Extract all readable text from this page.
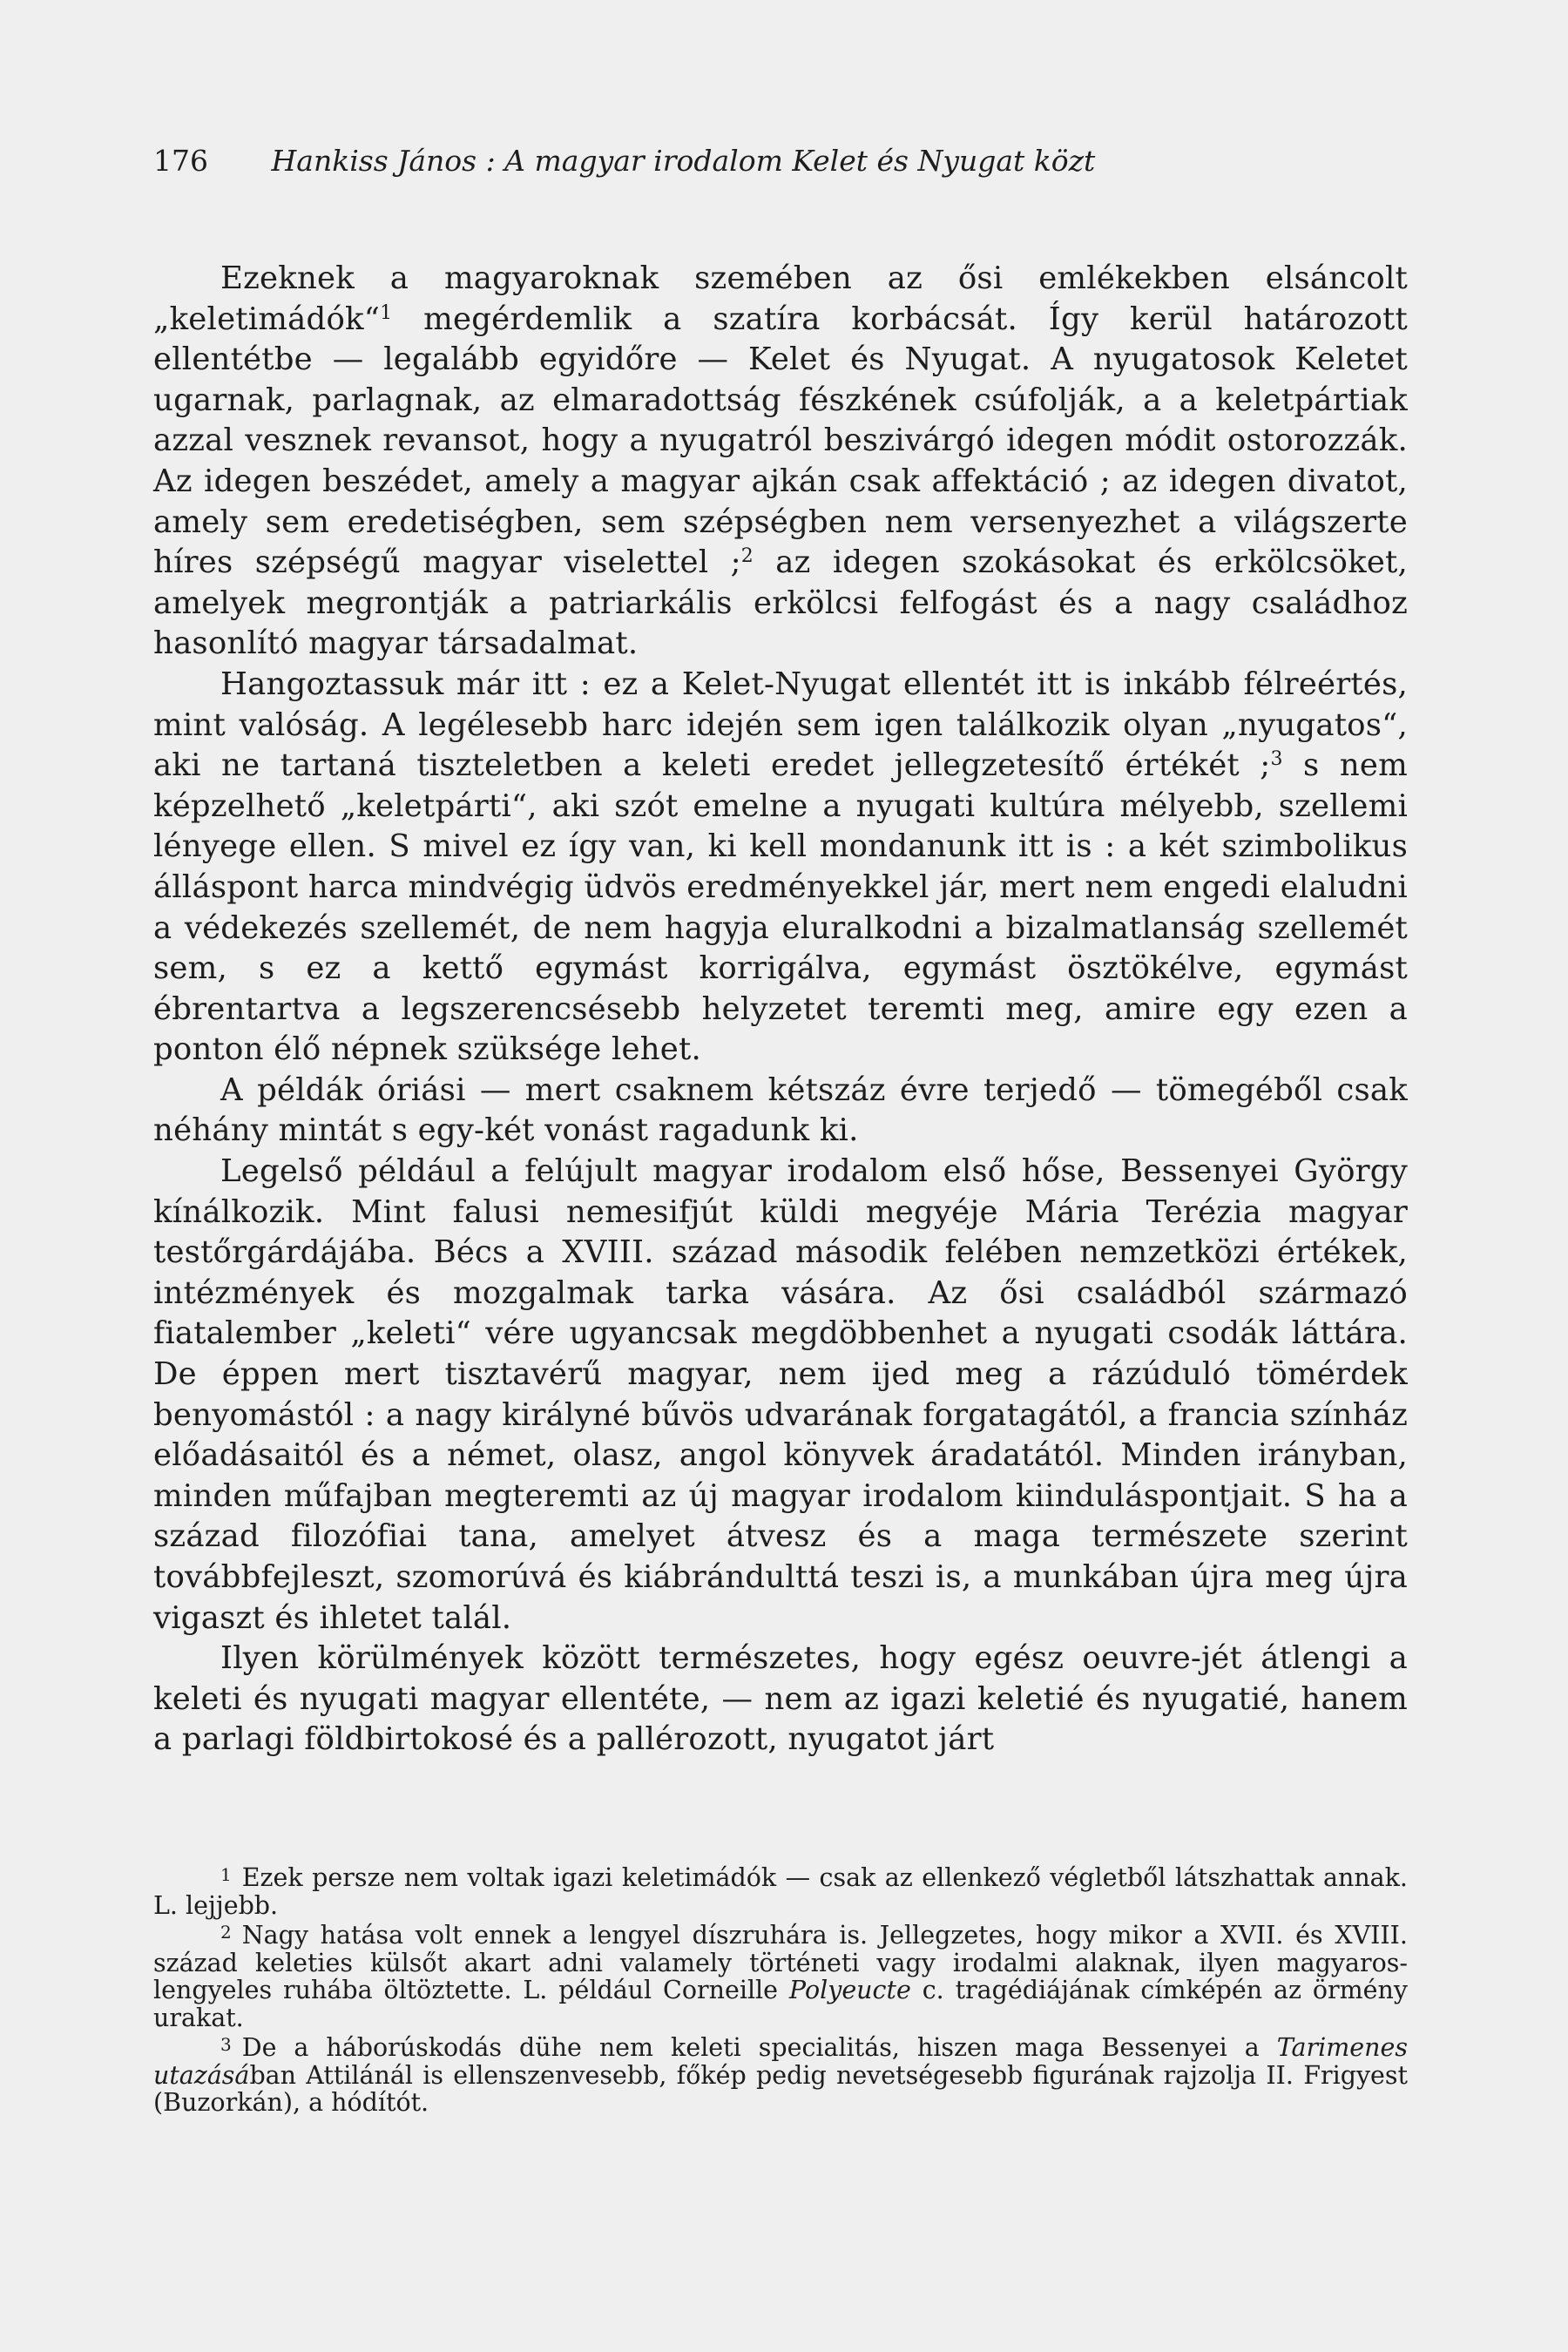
176 Hankiss János : A magyar irodalom Kelet és Nyugat közt

Ezeknek a magyaroknak szemében az ősi emlékekben elsáncolt „keletimádók“$^1$ megérdemlik a szatíra korbácsát. Így kerül határozott ellentétbe — legalább egyidőre — Kelet és Nyugat. A nyugatosok Keletet ugarnak, parlagnak, az elmaradottság fészkének csúfolják, a a keletpártiak azzal vesznek revansot, hogy a nyugatról beszivárgó idegen módit ostorozzák. Az idegen beszédet, amely a magyar ajkán csak affektáció ; az idegen divatot, amely sem eredetiségben, sem szépségben nem versenyezhet a világszerte híres szépségű magyar viselettel ;$^2$ az idegen szokásokat és erkölcsöket, amelyek megrontják a patriarkális erkölcsi felfogást és a nagy családhoz hasonlító magyar társadalmat.

Hangoztassuk már itt : ez a Kelet-Nyugat ellentét itt is inkább félreértés, mint valóság. A legélesebb harc idején sem igen találkozik olyan „nyugatos“, aki ne tartaná tiszteletben a keleti eredet jellegzetesítő értékét ;$^3$ s nem képzelhető „keletpárti“, aki szót emelne a nyugati kultúra mélyebb, szellemi lényege ellen. S mivel ez így van, ki kell mondanunk itt is : a két szimbolikus álláspont harca mindvégig üdvös eredményekkel jár, mert nem engedi elaludni a védekezés szellemét, de nem hagyja eluralkodni a bizalmatlanság szellemét sem, s ez a kettő egymást korrigálva, egymást ösztökélve, egymást ébrentartva a legszerencsésebb helyzetet teremti meg, amire egy ezen a ponton élő népnek szüksége lehet.

A példák óriási — mert csaknem kétszáz évre terjedő — tömegéből csak néhány mintát s egy-két vonást ragadunk ki.

Legelső például a felújult magyar irodalom első hőse, Bessenyei György kínálkozik. Mint falusi nemesifjút küldi megyéje Mária Terézia magyar testőrgárdájába. Bécs a XVIII. század második felében nemzetközi értékek, intézmények és mozgalmak tarka vására. Az ősi családból származó fiatalember „keleti“ vére ugyancsak megdöbbenhet a nyugati csodák láttára. De éppen mert tisztavérű magyar, nem ijed meg a rázúduló tömérdek benyomástól : a nagy királyné bűvös udvarának forgatagától, a francia színház előadásaitól és a német, olasz, angol könyvek áradatától. Minden irányban, minden műfajban megteremti az új magyar irodalom kiinduláspontjait. S ha a század filozófiai tana, amelyet átvesz és a maga természete szerint továbbfejleszt, szomorúvá és kiábrándulttá teszi is, a munkában újra meg újra vigaszt és ihletet talál.

Ilyen körülmények között természetes, hogy egész oeuvre-jét átlengi a keleti és nyugati magyar ellentéte, — nem az igazi keletié és nyugatié, hanem a parlagi földbirtokosé és a pallérozott, nyugatot járt

$^1$ Ezek persze nem voltak igazi keletimádók — csak az ellenkező végletből látszhattak annak. L. lejjebb.

$^2$ Nagy hatása volt ennek a lengyel díszruhára is. Jellegzetes, hogy mikor a XVII. és XVIII. század keleties külsőt akart adni valamely történeti vagy irodalmi alaknak, ilyen magyaros-lengyeles ruhába öltöztette. L. például Corneille Polyeucte c. tragédiájának címképén az örmény urakat.

$^3$ De a háborúskodás dühe nem keleti specialitás, hiszen maga Bessenyei a Tarimenes utazásában Attilánál is ellenszenvesebb, főkép pedig nevetségesebb figurának rajzolja II. Frigyest (Buzorkán), a hódítót.
